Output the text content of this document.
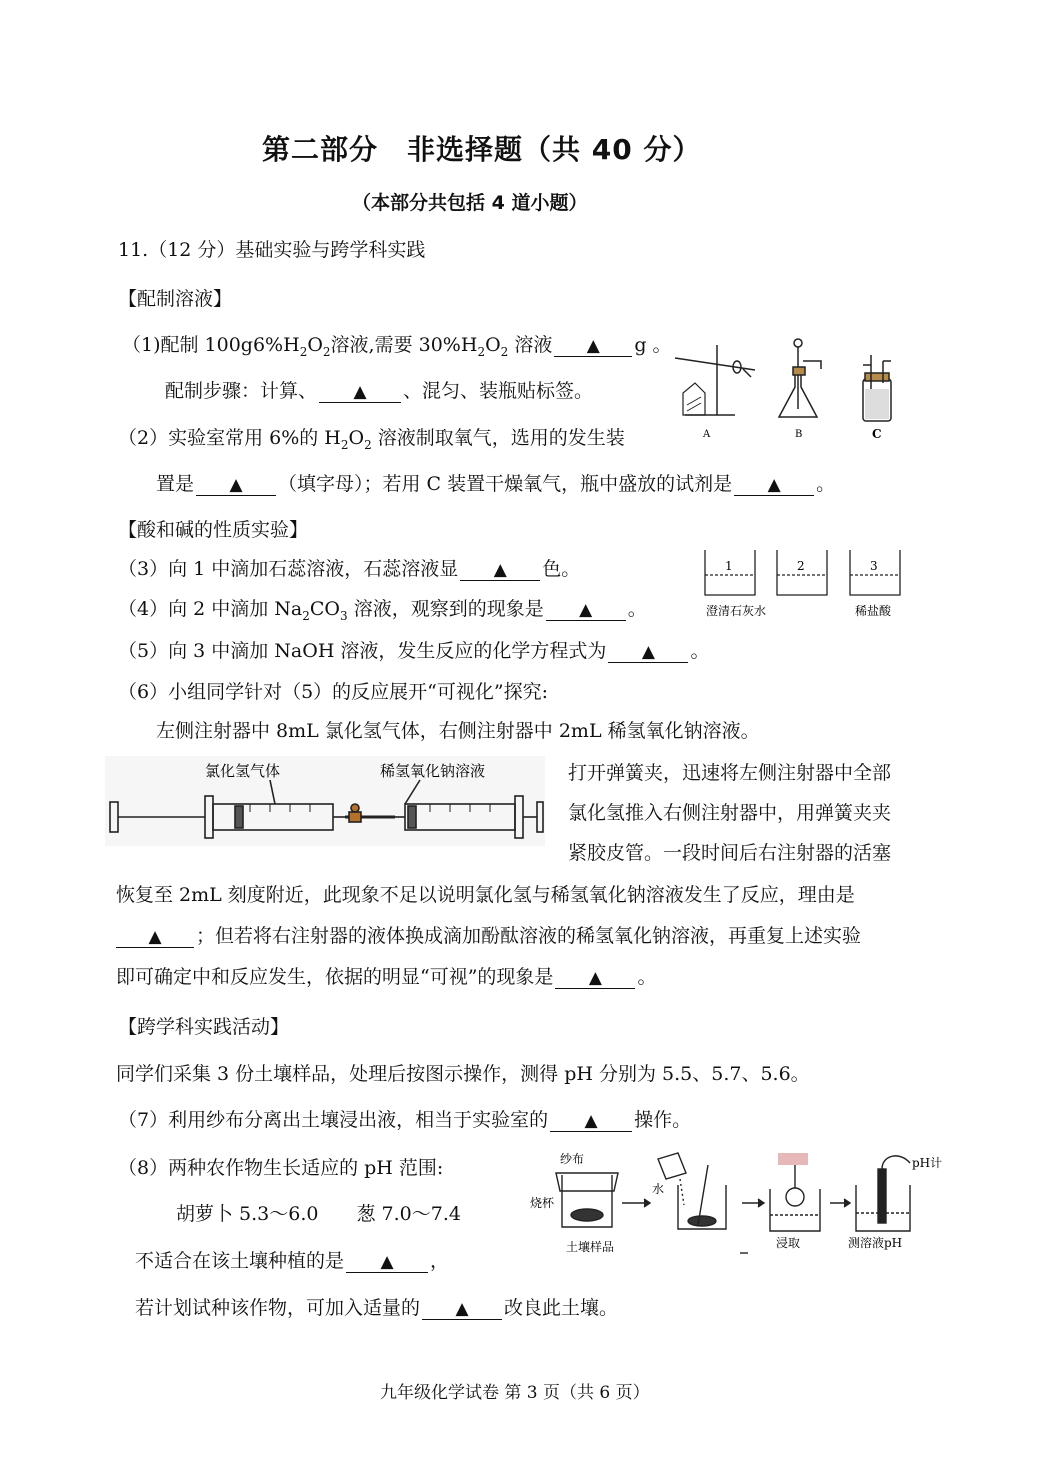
第二部分　非选择题（共 40 分）
（本部分共包括 4 道小题）
11.（12 分）基础实验与跨学科实践
【配制溶液】
（1)配制 $100g6\%H_2O_2$溶液,需要 $30\%H_2O_2$ 溶液 ▲ g 。
配制步骤：计算、 ▲ 、混匀、装瓶贴标签。
（2）实验室常用 6%的 $H_2O_2$ 溶液制取氧气，选用的发生装
置是 ▲ （填字母）；若用 C 装置干燥氧气，瓶中盛放的试剂是 ▲ 。
A	B	C
【酸和碱的性质实验】
（3）向 1 中滴加石蕊溶液，石蕊溶液显 ▲ 色。
（4）向 2 中滴加 $Na_2CO_3$ 溶液，观察到的现象是 ▲ 。
（5）向 3 中滴加 NaOH 溶液，发生反应的化学方程式为 ▲ 。
1	2	3
澄清石灰水	稀盐酸
（6）小组同学针对（5）的反应展开“可视化”探究:
左侧注射器中 8mL 氯化氢气体，右侧注射器中 2mL 稀氢氧化钠溶液。
氯化氢气体	稀氢氧化钠溶液	打开弹簧夹，迅速将左侧注射器中全部
氯化氢推入右侧注射器中，用弹簧夹夹
紧胶皮管。一段时间后右注射器的活塞
恢复至 2mL 刻度附近，此现象不足以说明氯化氢与稀氢氧化钠溶液发生了反应，理由是
▲ ；但若将右注射器的液体换成滴加酚酞溶液的稀氢氧化钠溶液，再重复上述实验
即可确定中和反应发生，依据的明显“可视”的现象是 ▲ 。
【跨学科实践活动】
同学们采集 3 份土壤样品，处理后按图示操作，测得 pH 分别为 5.5、5.7、5.6。
（7）利用纱布分离出土壤浸出液，相当于实验室的 ▲ 操作。
（8）两种农作物生长适应的 pH 范围:
胡萝卜 5.3～6.0　　葱 7.0～7.4
不适合在该土壤种植的是 ▲ ，
若计划试种该作物，可加入适量的 ▲ 改良此土壤。
纱布
烧杯
土壤样品
水
浸取	测溶液pH
pH计
九年级化学试卷 第 3 页（共 6 页）
